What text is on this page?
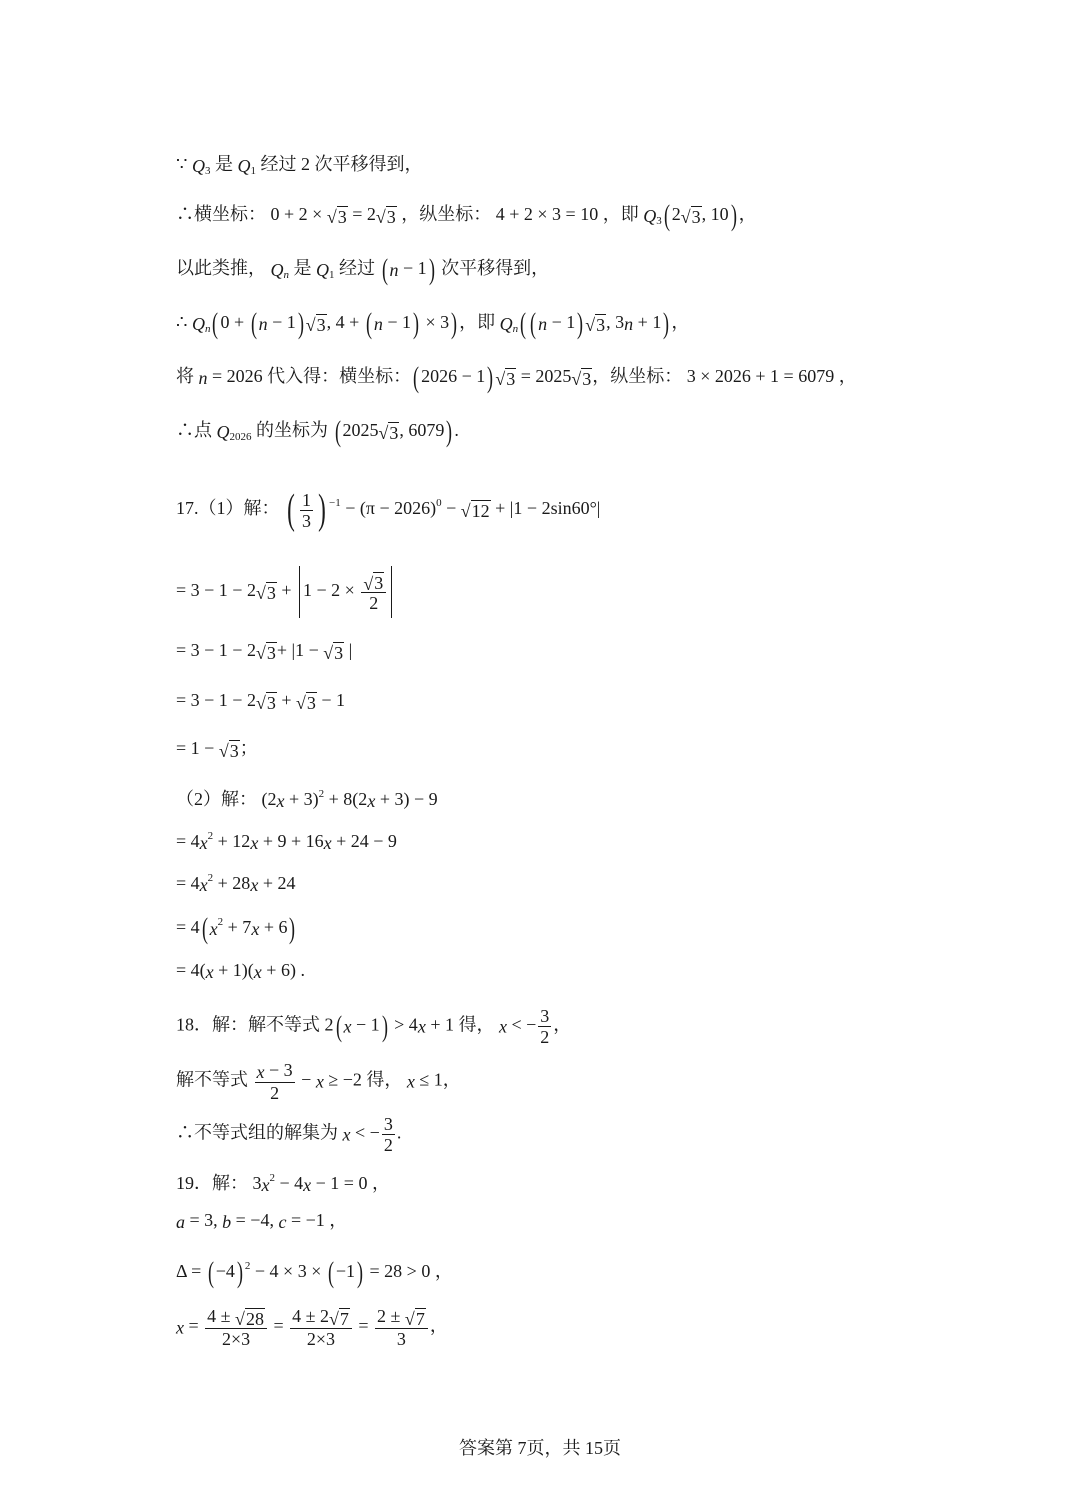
∵ $Q_3$ 是 $Q_1$ 经过 2 次平移得到，
∴横坐标： 0 + 2 × √3 = 2√3 ，纵坐标： 4 + 2 × 3 = 10 ，即 $Q_3$( 2√3, 10) ，
以此类推， $Q_n$ 是 $Q_1$ 经过 ( n − 1) 次平移得到，
∴ $Q_n$( 0 + ( n − 1) √3, 4 + ( n − 1) × 3) ，即 $Q_n$( ( n − 1) √3, 3n + 1) ，
将 n = 2026 代入得：横坐标：( 2026 − 1) √3 = 2025√3，纵坐标： 3 × 2026 + 1 = 6079 ，
∴点 $Q_{2026}$ 的坐标为 ( 2025√3, 6079) .
17.（1）解： ( $\frac{1}{3}$ ) $^{-1} - (\pi - 2026)^0 - √12 + |1 - 2\sin 60^\circ|$
= $3 - 1 - 2√3 + 1 - 2 \times \frac{√3}{2}$
= 3 − 1 − 2√3+ |1 − √3 |
= 3 − 1 − 2√3 + √3 − 1
= 1 − √3；
（2）解： $(2x + 3)^2 + 8(2x + 3) - 9$
= $4x^2 + 12x + 9 + 16x + 24 - 9$
= $4x^2 + 28x + 24$
= 4( $x^2 + 7x + 6$)
= 4(x + 1)(x + 6) .
18．解：解不等式 2( x − 1) > 4x + 1 得， x < − $\frac{3}{2}$ ，
解不等式 $\frac{x - 3}{2} - x \ge -2$ 得， x ≤ 1，
∴不等式组的解集为 x < − $\frac{3}{2}$ .
19．解： $3x^2 - 4x - 1 = 0$ ，
a = 3, b = −4, c = −1 ，
Δ = ( −4) $^2$ − 4 × 3 × ( −1) = 28 > 0 ，
$x = \frac{4 \pm √28}{2\times 3} = \frac{4 \pm 2√7}{2\times 3} = \frac{2 \pm √7}{3}$ ，
答案第 7页，共 15页
